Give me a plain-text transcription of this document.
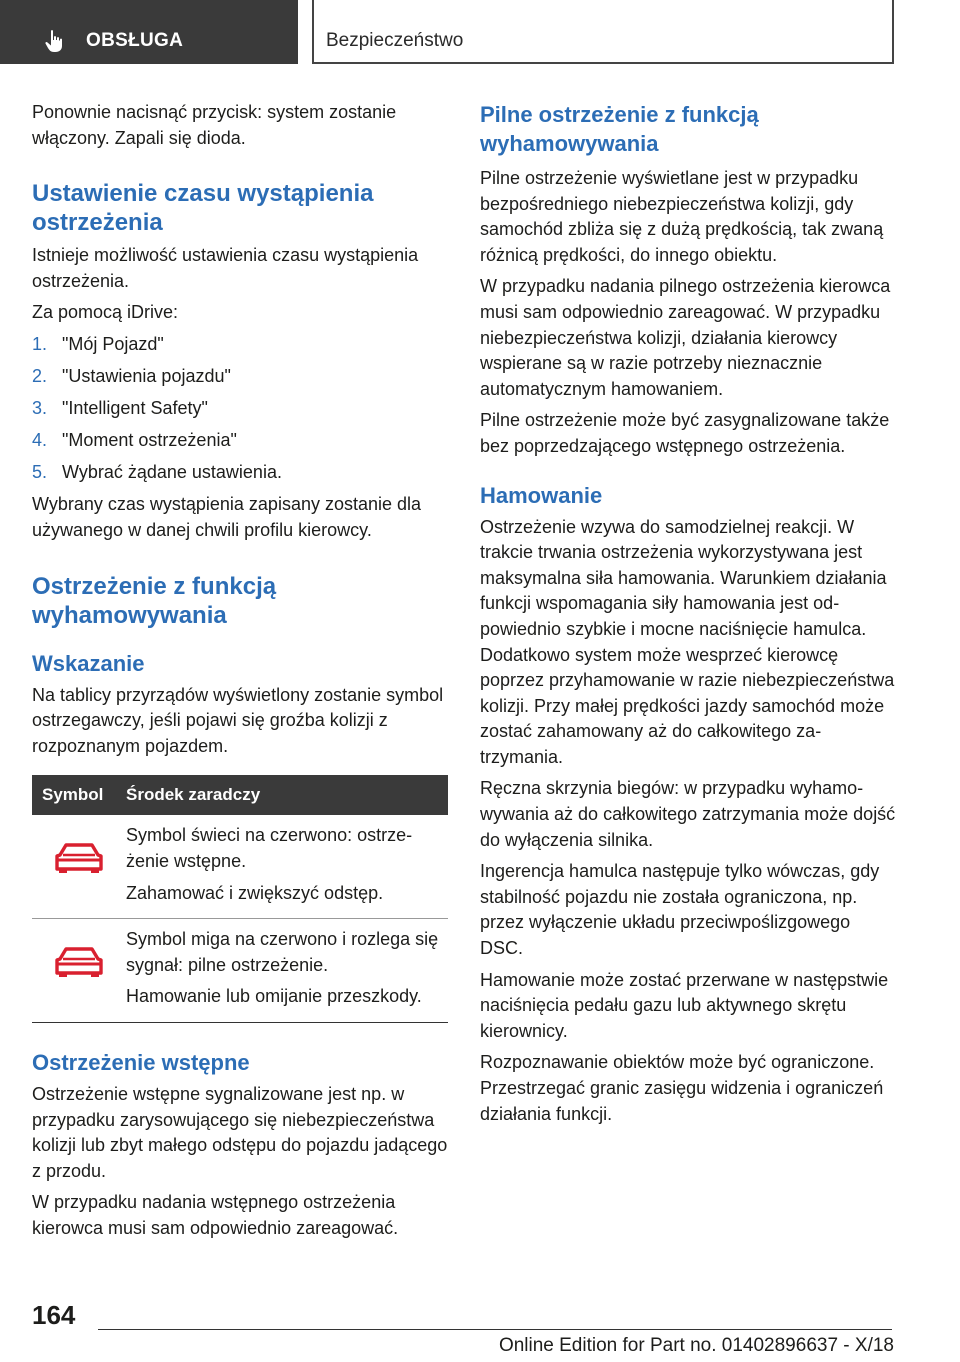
OBSŁUGA	Bezpieczeństwo

Ponownie nacisnąć przycisk: system zostanie włączony. Zapali się dioda.

Ustawienie czasu wystąpienia ostrzeżenia

Istnieje możliwość ustawienia czasu wystąpienia ostrzeżenia.

Za pomocą iDrive:

1. "Mój Pojazd"
2. "Ustawienia pojazdu"
3. "Intelligent Safety"
4. "Moment ostrzeżenia"
5. Wybrać żądane ustawienia.

Wybrany czas wystąpienia zapisany zostanie dla używanego w danej chwili profilu kierowcy.

Ostrzeżenie z funkcją wyhamowywania
Wskazanie

Na tablicy przyrządów wyświetlony zostanie symbol ostrzegawczy, jeśli pojawi się groźba kolizji z rozpoznanym pojazdem.

Symbol	Środek zaradczy

Symbol świeci na czerwono: ostrzeżenie wstępne.

Zahamować i zwiększyć odstęp.

Symbol miga na czerwono i rozlega się sygnał: pilne ostrzeżenie.

Hamowanie lub omijanie przeszkody.

Ostrzeżenie wstępne

Ostrzeżenie wstępne sygnalizowane jest np. w przypadku zarysowującego się niebezpieczeństwa kolizji lub zbyt małego odstępu do pojazdu jadącego z przodu.

W przypadku nadania wstępnego ostrzeżenia kierowca musi sam odpowiednio zareagować.

Pilne ostrzeżenie z funkcją wyhamowywania

Pilne ostrzeżenie wyświetlane jest w przypadku bezpośredniego niebezpieczeństwa kolizji, gdy samochód zbliża się z dużą prędkością, tak zwaną różnicą prędkości, do innego obiektu.

W przypadku nadania pilnego ostrzeżenia kierowca musi sam odpowiednio zareagować. W przypadku niebezpieczeństwa kolizji, działania kierowcy wspierane są w razie potrzeby nieznacznie automatycznym hamowaniem.

Pilne ostrzeżenie może być zasygnalizowane także bez poprzedzającego wstępnego ostrzeżenia.

Hamowanie

Ostrzeżenie wzywa do samodzielnej reakcji. W trakcie trwania ostrzeżenia wykorzystywana jest maksymalna siła hamowania. Warunkiem działania funkcji wspomagania siły hamowania jest odpowiednio szybkie i mocne naciśnięcie hamulca. Dodatkowo system może wesprzeć kierowcę poprzez przyhamowanie w razie niebezpieczeństwa kolizji. Przy małej prędkości jazdy samochód może zostać zahamowany aż do całkowitego zatrzymania.

Ręczna skrzynia biegów: w przypadku wyhamowywania aż do całkowitego zatrzymania może dojść do wyłączenia silnika.

Ingerencja hamulca następuje tylko wówczas, gdy stabilność pojazdu nie została ograniczona, np. przez wyłączenie układu przeciwpoślizgowego DSC.

Hamowanie może zostać przerwane w następstwie naciśnięcia pedału gazu lub aktywnego skrętu kierownicy.

Rozpoznawanie obiektów może być ograniczone. Przestrzegać granic zasięgu widzenia i ograniczeń działania funkcji.

164
Online Edition for Part no. 01402896637 - X/18
